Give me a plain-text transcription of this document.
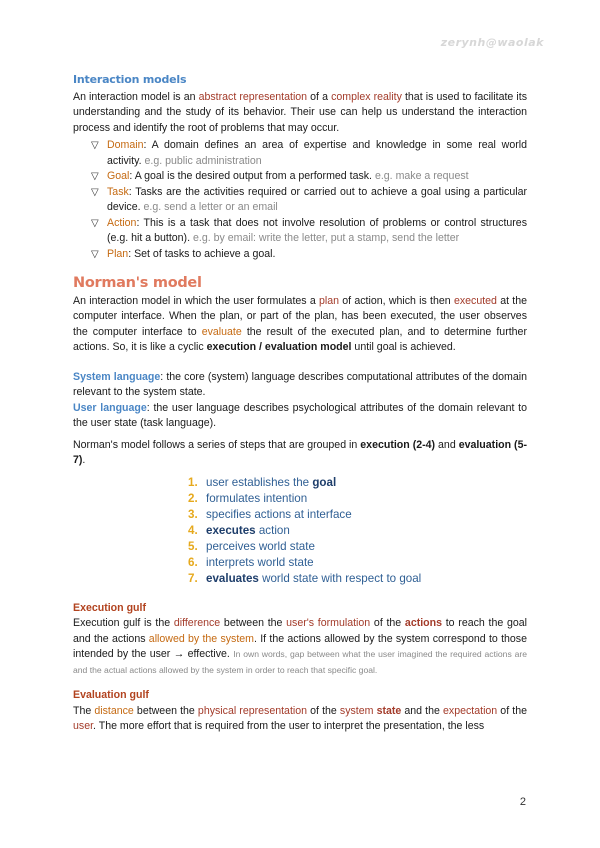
zerynh@waolak
Interaction models

An interaction model is an abstract representation of a complex reality that is used to facilitate its understanding and the study of its behavior. Their use can help us understand the interaction process and identify the root of problems that may occur.

▽ Domain: A domain defines an area of expertise and knowledge in some real world activity. e.g. public administration
▽ Goal: A goal is the desired output from a performed task. e.g. make a request
▽ Task: Tasks are the activities required or carried out to achieve a goal using a particular device. e.g. send a letter or an email
▽ Action: This is a task that does not involve resolution of problems or control structures (e.g. hit a button). e.g. by email: write the letter, put a stamp, send the letter
▽ Plan: Set of tasks to achieve a goal.
Norman's model

An interaction model in which the user formulates a plan of action, which is then executed at the computer interface. When the plan, or part of the plan, has been executed, the user observes the computer interface to evaluate the result of the executed plan, and to determine further actions. So, it is like a cyclic execution / evaluation model until goal is achieved.

System language: the core (system) language describes computational attributes of the domain relevant to the system state.

User language: the user language describes psychological attributes of the domain relevant to the user state (task language).

Norman's model follows a series of steps that are grouped in execution (2-4) and evaluation (5-7).

1. user establishes the goal
2. formulates intention
3. specifies actions at interface
4. executes action
5. perceives world state
6. interprets world state
7. evaluates world state with respect to goal
Execution gulf

Execution gulf is the difference between the user's formulation of the actions to reach the goal and the actions allowed by the system. If the actions allowed by the system correspond to those intended by the user → effective. In own words, gap between what the user imagined the required actions are and the actual actions allowed by the system in order to reach that specific goal.

Evaluation gulf

The distance between the physical representation of the system state and the expectation of the user. The more effort that is required from the user to interpret the presentation, the less

2
